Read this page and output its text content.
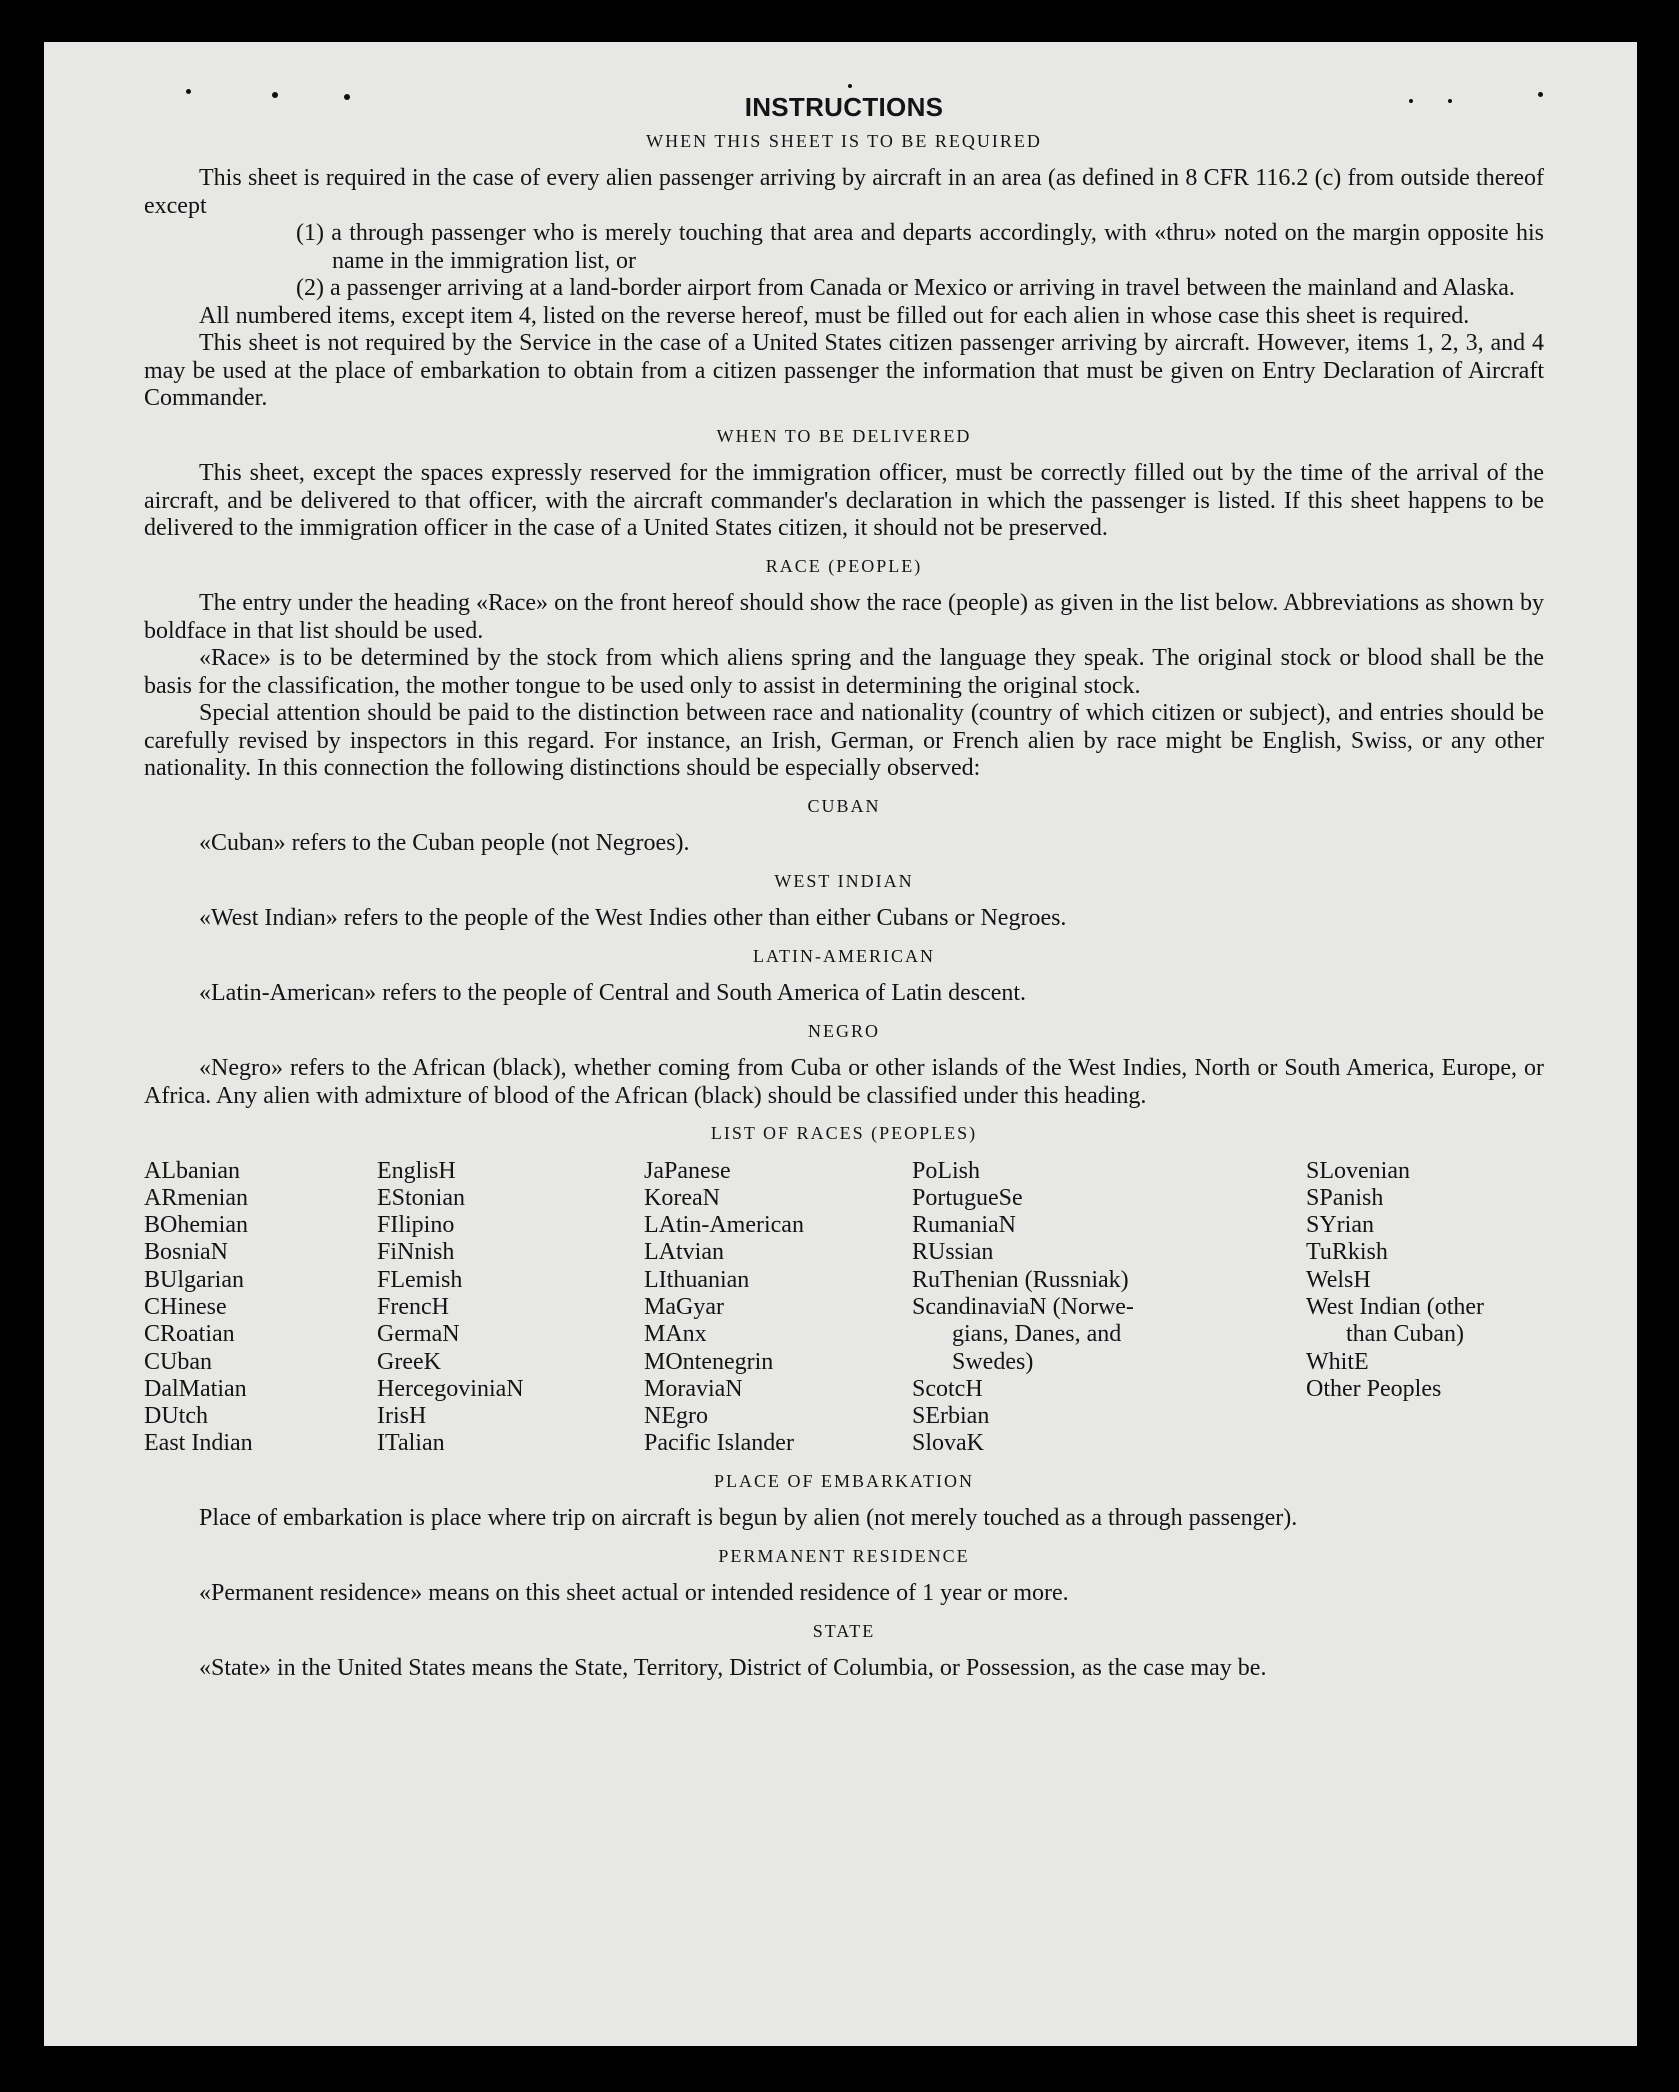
INSTRUCTIONS
WHEN THIS SHEET IS TO BE REQUIRED

This sheet is required in the case of every alien passenger arriving by aircraft in an area (as defined in 8 CFR 116.2 (c) from outside thereof except

(1) a through passenger who is merely touching that area and departs accordingly, with «thru» noted on the margin opposite his name in the immigration list, or

(2) a passenger arriving at a land-border airport from Canada or Mexico or arriving in travel between the mainland and Alaska.

All numbered items, except item 4, listed on the reverse hereof, must be filled out for each alien in whose case this sheet is required.

This sheet is not required by the Service in the case of a United States citizen passenger arriving by aircraft. However, items 1, 2, 3, and 4 may be used at the place of embarkation to obtain from a citizen passenger the information that must be given on Entry Declaration of Aircraft Commander.

WHEN TO BE DELIVERED

This sheet, except the spaces expressly reserved for the immigration officer, must be correctly filled out by the time of the arrival of the aircraft, and be delivered to that officer, with the aircraft commander's declaration in which the passenger is listed. If this sheet happens to be delivered to the immigration officer in the case of a United States citizen, it should not be preserved.

RACE (PEOPLE)

The entry under the heading «Race» on the front hereof should show the race (people) as given in the list below. Abbreviations as shown by boldface in that list should be used.

«Race» is to be determined by the stock from which aliens spring and the language they speak. The original stock or blood shall be the basis for the classification, the mother tongue to be used only to assist in determining the original stock.

Special attention should be paid to the distinction between race and nationality (country of which citizen or subject), and entries should be carefully revised by inspectors in this regard. For instance, an Irish, German, or French alien by race might be English, Swiss, or any other nationality. In this connection the following distinctions should be especially observed:

CUBAN

«Cuban» refers to the Cuban people (not Negroes).

WEST INDIAN

«West Indian» refers to the people of the West Indies other than either Cubans or Negroes.

LATIN-AMERICAN

«Latin-American» refers to the people of Central and South America of Latin descent.

NEGRO

«Negro» refers to the African (black), whether coming from Cuba or other islands of the West Indies, North or South America, Europe, or Africa. Any alien with admixture of blood of the African (black) should be classified under this heading.

LIST OF RACES (PEOPLES)
ALbanian
ARmenian
BOhemian
BosniaN
BUlgarian
CHinese
CRoatian
CUban
DalMatian
DUtch
East Indian
EnglisH
EStonian
FIlipino
FiNnish
FLemish
FrencH
GermaN
GreeK
HercegoviniaN
IrisH
ITalian
JaPanese
KoreaN
LAtin-American
LAtvian
LIthuanian
MaGyar
MAnx
MOntenegrin
MoraviaN
NEgro
Pacific Islander
PoLish
PortugueSe
RumaniaN
RUssian
RuThenian (Russniak)
ScandinaviaN (Norwe-
gians, Danes, and
Swedes)
ScotcH
SErbian
SlovaK
SLovenian
SPanish
SYrian
TuRkish
WelsH
West Indian (other
than Cuban)
WhitE
Other Peoples
PLACE OF EMBARKATION

Place of embarkation is place where trip on aircraft is begun by alien (not merely touched as a through passenger).

PERMANENT RESIDENCE

«Permanent residence» means on this sheet actual or intended residence of 1 year or more.

STATE

«State» in the United States means the State, Territory, District of Columbia, or Possession, as the case may be.
